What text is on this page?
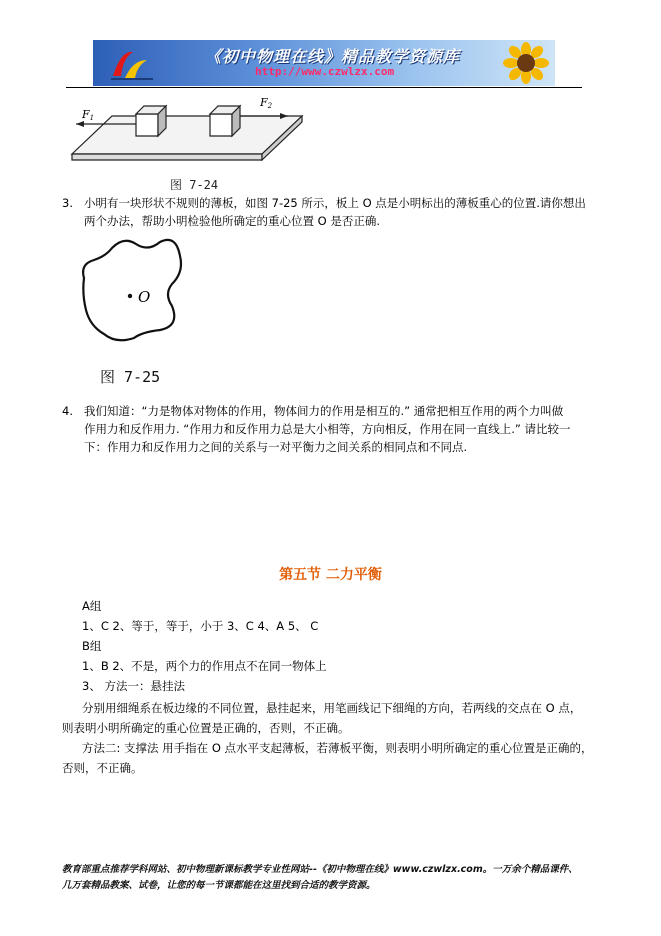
《初中物理在线》精品教学资源库
http://www.czwlzx.com
F1
F2
图 7-24
3. 小明有一块形状不规则的薄板，如图 7-25 所示，板上 O 点是小明标出的薄板重心的位置.请你想出
两个办法，帮助小明检验他所确定的重心位置 O 是否正确.
O
图 7-25
4. 我们知道：“力是物体对物体的作用，物体间力的作用是相互的.” 通常把相互作用的两个力叫做
作用力和反作用力. “作用力和反作用力总是大小相等，方向相反，作用在同一直线上.” 请比较一
下：作用力和反作用力之间的关系与一对平衡力之间关系的相同点和不同点.
第五节 二力平衡
A组
1、C 2、等于，等于，小于 3、C 4、A 5、 C
B组
1、B 2、不是，两个力的作用点不在同一物体上
3、 方法一：悬挂法
分别用细绳系在板边缘的不同位置，悬挂起来，用笔画线记下细绳的方向，若两线的交点在 O 点，
则表明小明所确定的重心位置是正确的，否则，不正确。
方法二: 支撑法 用手指在 O 点水平支起薄板，若薄板平衡，则表明小明所确定的重心位置是正确的，
否则，不正确。
教育部重点推荐学科网站、初中物理新课标教学专业性网站--《初中物理在线》www.czwlzx.com。一万余个精品课件、
几万套精品教案、试卷，让您的每一节课都能在这里找到合适的教学资源。
